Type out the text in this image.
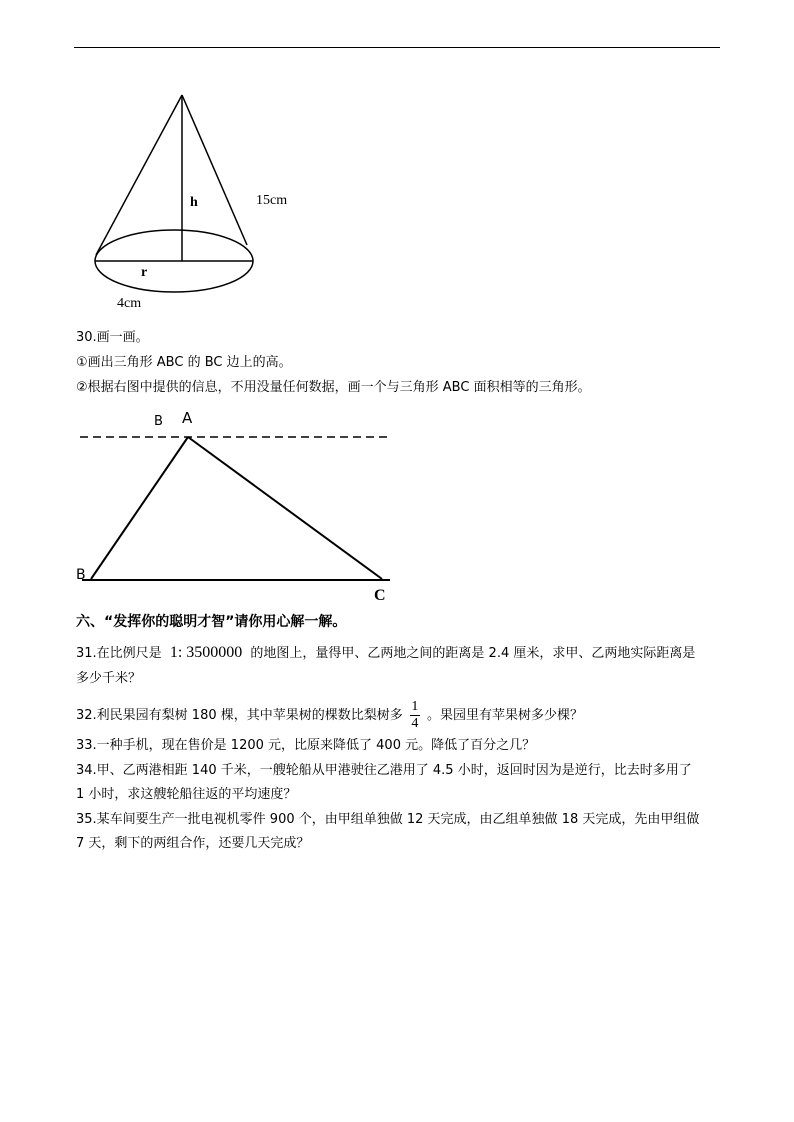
h	15cm
r
4cm
30.画一画。
①画出三角形 ABC 的 BC 边上的高。
②根据右图中提供的信息，不用没量任何数据，画一个与三角形 ABC 面积相等的三角形。
B A
B
C
六、“发挥你的聪明才智”请你用心解一解。
31.在比例尺是 1: 3500000 的地图上，量得甲、乙两地之间的距离是 2.4 厘米，求甲、乙两地实际距离是
多少千米？
32.利民果园有梨树 180 棵，其中苹果树的棵数比梨树多 $\frac{1}{4}$ 。果园里有苹果树多少棵？
33.一种手机，现在售价是 1200 元，比原来降低了 400 元。降低了百分之几？
34.甲、乙两港相距 140 千米，一艘轮船从甲港驶往乙港用了 4.5 小时，返回时因为是逆行，比去时多用了
1 小时，求这艘轮船往返的平均速度？
35.某车间要生产一批电视机零件 900 个，由甲组单独做 12 天完成，由乙组单独做 18 天完成，先由甲组做
7 天，剩下的两组合作，还要几天完成？
